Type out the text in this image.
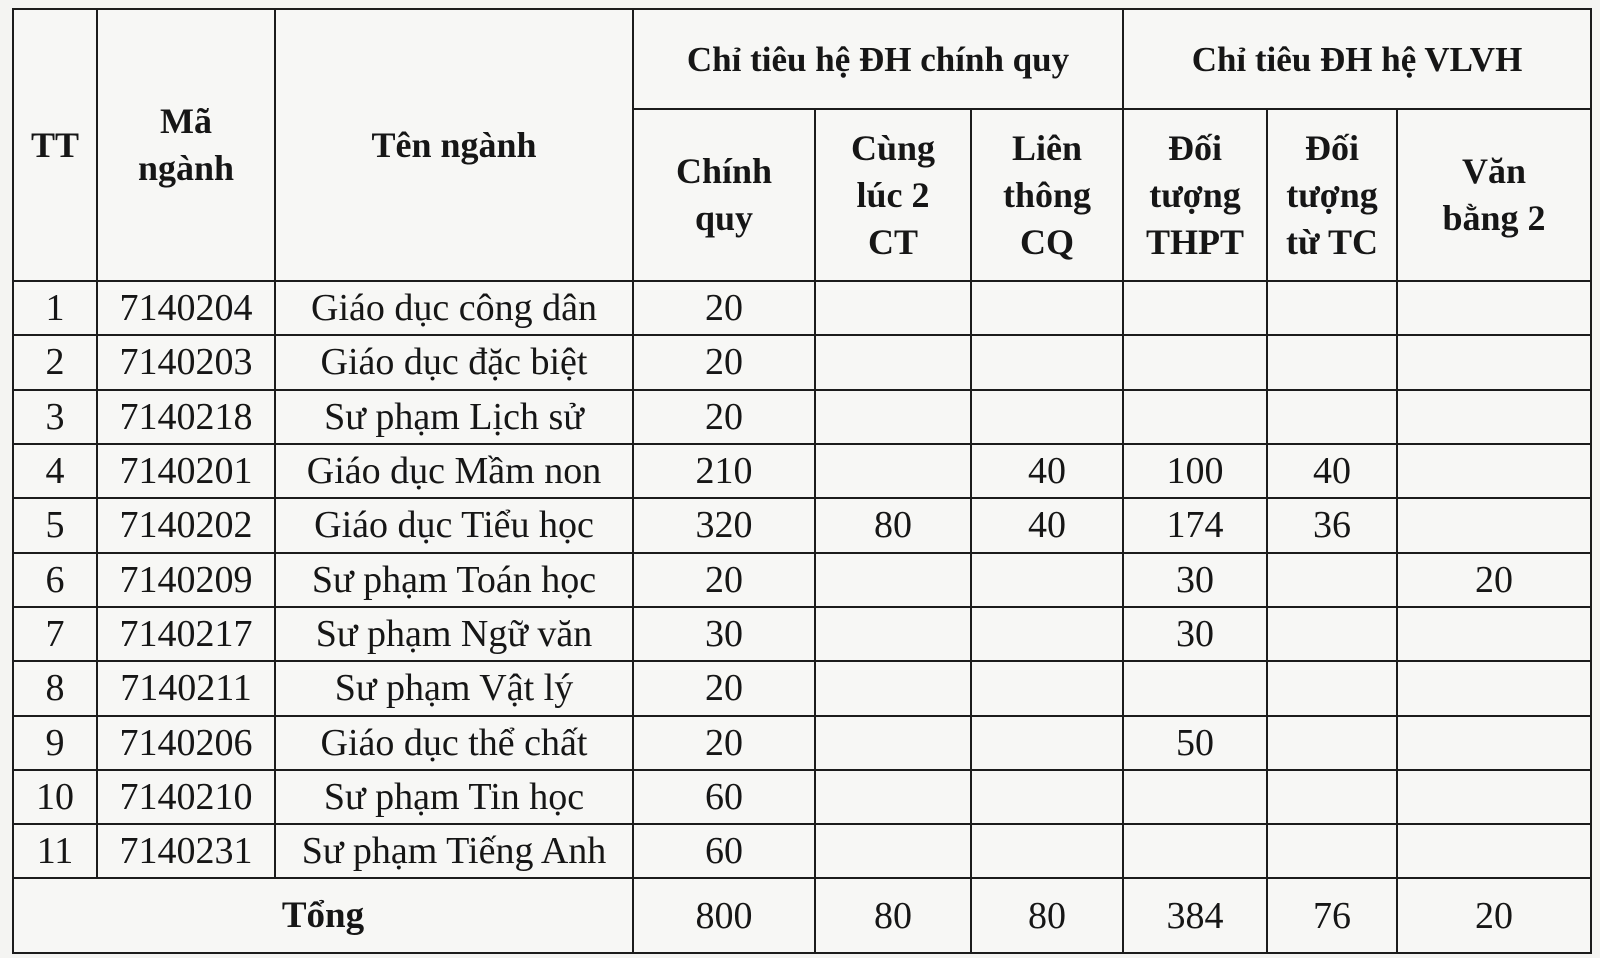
TT	Mã ngành	Tên ngành	Chỉ tiêu hệ ĐH chính quy			Chỉ tiêu ĐH hệ VLVH		
			Chính quy	Cùng lúc 2 CT	Liên thông CQ	Đối tượng THPT	Đối tượng từ TC	Văn bằng 2
1	7140204	Giáo dục công dân	20					
2	7140203	Giáo dục đặc biệt	20					
3	7140218	Sư phạm Lịch sử	20					
4	7140201	Giáo dục Mầm non	210		40	100	40	
5	7140202	Giáo dục Tiểu học	320	80	40	174	36	
6	7140209	Sư phạm Toán học	20			30		20
7	7140217	Sư phạm Ngữ văn	30			30		
8	7140211	Sư phạm Vật lý	20					
9	7140206	Giáo dục thể chất	20			50		
10	7140210	Sư phạm Tin học	60					
11	7140231	Sư phạm Tiếng Anh	60					
Tổng			800	80	80	384	76	20
